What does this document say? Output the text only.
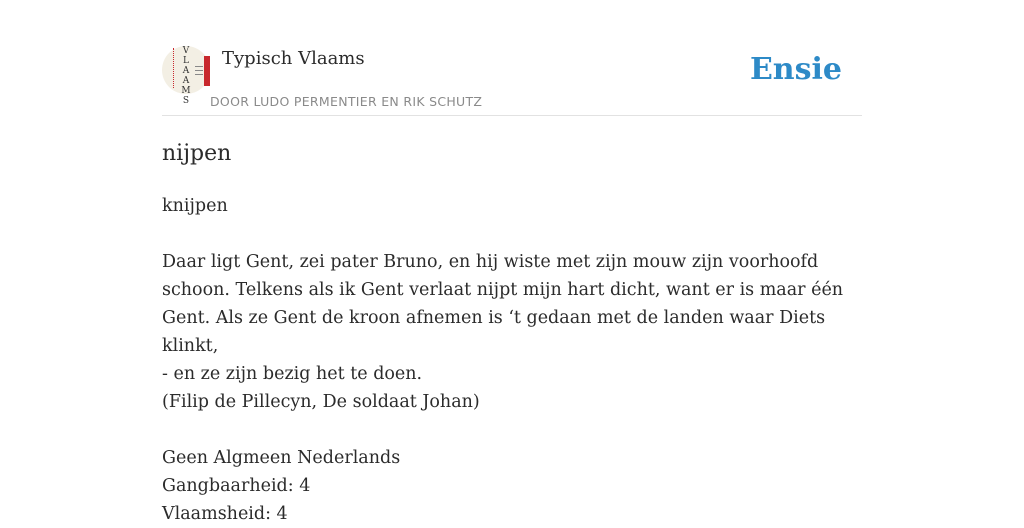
V
L
A
A
M
S
Typisch Vlaams
DOOR LUDO PERMENTIER EN RIK SCHUTZ
Ensie
nijpen

knijpen

Daar ligt Gent, zei pater Bruno, en hij wiste met zijn mouw zijn voorhoofd

schoon. Telkens als ik Gent verlaat nijpt mijn hart dicht, want er is maar één

Gent. Als ze Gent de kroon afnemen is ‘t gedaan met de landen waar Diets klinkt,

- en ze zijn bezig het te doen.

(Filip de Pillecyn, De soldaat Johan)

Geen Algmeen Nederlands

Gangbaarheid: 4

Vlaamsheid: 4
